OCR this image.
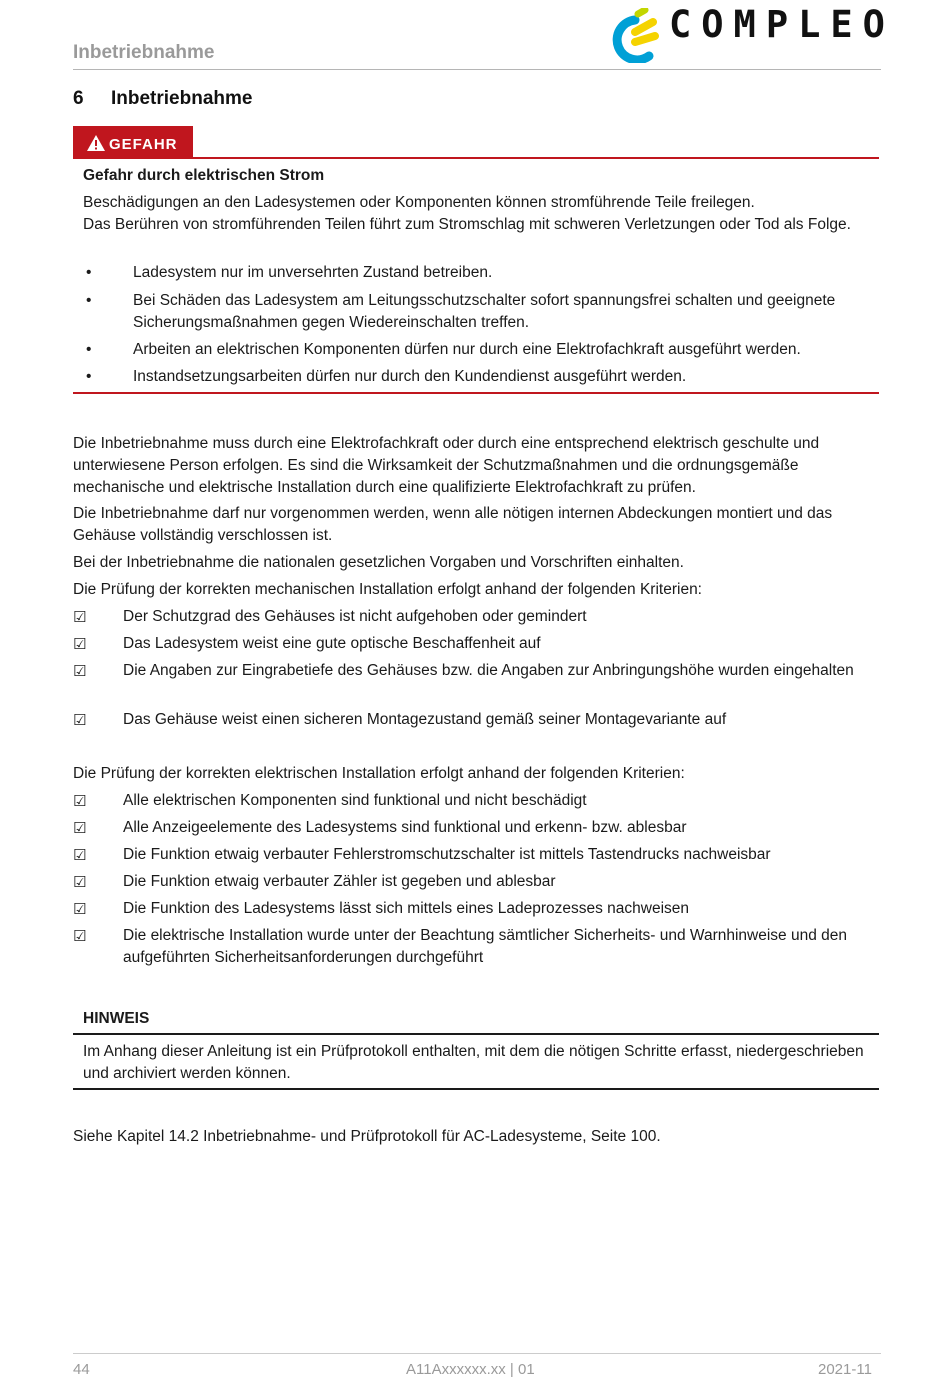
Inbetriebnahme
COMPLEO
6 Inbetriebnahme
GEFAHR
Gefahr durch elektrischen Strom
Beschädigungen an den Ladesystemen oder Komponenten können stromführende Teile freilegen.
Das Berühren von stromführenden Teilen führt zum Stromschlag mit schweren Verletzungen oder Tod als Folge.
•	Ladesystem nur im unversehrten Zustand betreiben.
•	Bei Schäden das Ladesystem am Leitungsschutzschalter sofort spannungsfrei schalten und geeignete Sicherungsmaßnahmen gegen Wiedereinschalten treffen.
•	Arbeiten an elektrischen Komponenten dürfen nur durch eine Elektrofachkraft ausgeführt werden.
•	Instandsetzungsarbeiten dürfen nur durch den Kundendienst ausgeführt werden.
Die Inbetriebnahme muss durch eine Elektrofachkraft oder durch eine entsprechend elektrisch geschulte und unterwiesene Person erfolgen. Es sind die Wirksamkeit der Schutzmaßnahmen und die ordnungsgemäße mechanische und elektrische Installation durch eine qualifizierte Elektrofachkraft zu prüfen.
Die Inbetriebnahme darf nur vorgenommen werden, wenn alle nötigen internen Abdeckungen montiert und das Gehäuse vollständig verschlossen ist.
Bei der Inbetriebnahme die nationalen gesetzlichen Vorgaben und Vorschriften einhalten.
Die Prüfung der korrekten mechanischen Installation erfolgt anhand der folgenden Kriterien:
☑ Der Schutzgrad des Gehäuses ist nicht aufgehoben oder gemindert
☑ Das Ladesystem weist eine gute optische Beschaffenheit auf
☑ Die Angaben zur Eingrabetiefe des Gehäuses bzw. die Angaben zur Anbringungshöhe wurden eingehalten
☑ Das Gehäuse weist einen sicheren Montagezustand gemäß seiner Montagevariante auf
Die Prüfung der korrekten elektrischen Installation erfolgt anhand der folgenden Kriterien:
☑ Alle elektrischen Komponenten sind funktional und nicht beschädigt
☑ Alle Anzeigeelemente des Ladesystems sind funktional und erkenn- bzw. ablesbar
☑ Die Funktion etwaig verbauter Fehlerstromschutzschalter ist mittels Tastendrucks nachweisbar
☑ Die Funktion etwaig verbauter Zähler ist gegeben und ablesbar
☑ Die Funktion des Ladesystems lässt sich mittels eines Ladeprozesses nachweisen
☑ Die elektrische Installation wurde unter der Beachtung sämtlicher Sicherheits- und Warnhinweise und den aufgeführten Sicherheitsanforderungen durchgeführt
HINWEIS
Im Anhang dieser Anleitung ist ein Prüfprotokoll enthalten, mit dem die nötigen Schritte erfasst, niedergeschrieben und archiviert werden können.
Siehe Kapitel 14.2 Inbetriebnahme- und Prüfprotokoll für AC-Ladesysteme, Seite 100.
44	A11Axxxxxx.xx | 01	2021-11
